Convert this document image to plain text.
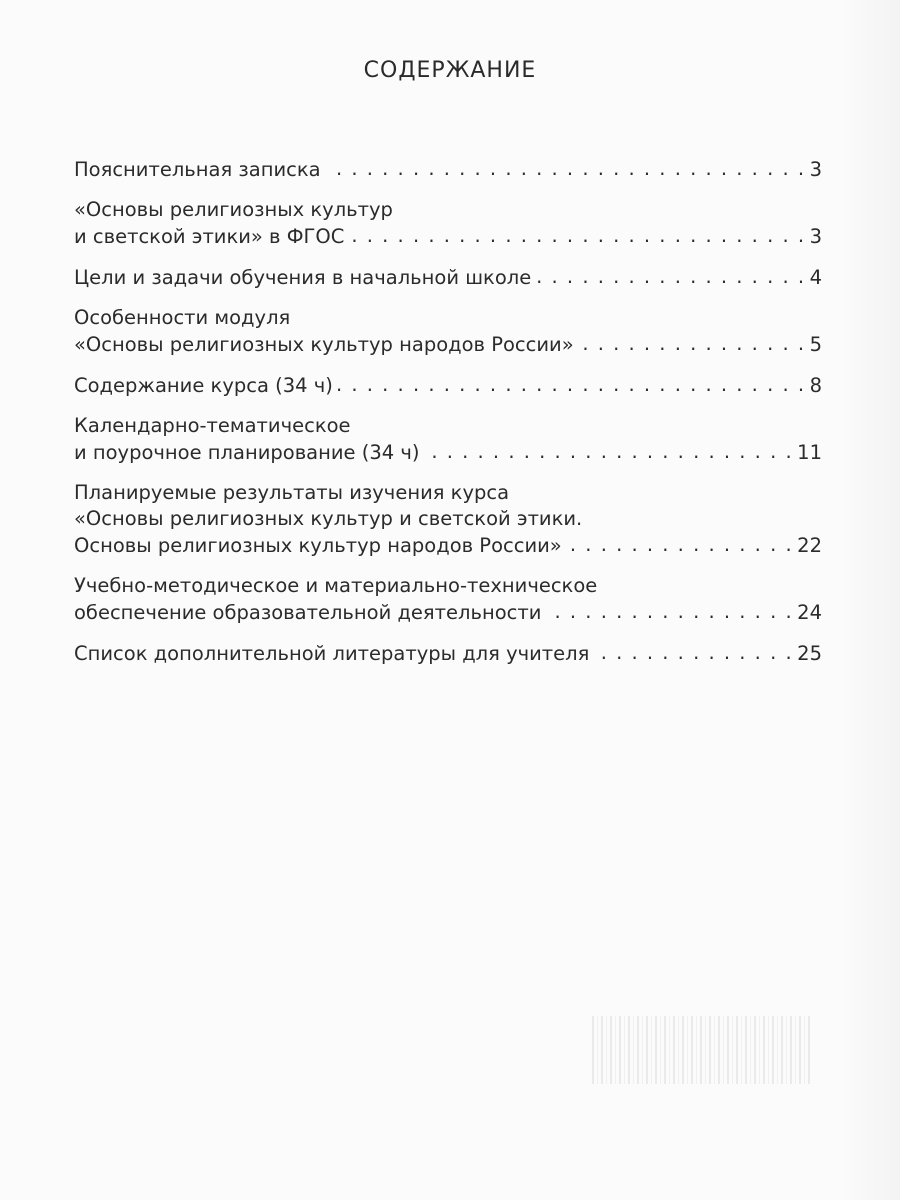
СОДЕРЖАНИЕ
Пояснительная записка . . .	3
«Основы религиозных культур
и светской этики» в ФГОС . . .	3
Цели и задачи обучения в начальной школе . . .	4
Особенности модуля
«Основы религиозных культур народов России» . . .	5
Содержание курса (34 ч) . . .	8
Календарно-тематическое
и поурочное планирование (34 ч) . . .	11
Планируемые результаты изучения курса
«Основы религиозных культур и светской этики.
Основы религиозных культур народов России» . . .	22
Учебно-методическое и материально-техническое
обеспечение образовательной деятельности . . .	24
Список дополнительной литературы для учителя . . .	25
